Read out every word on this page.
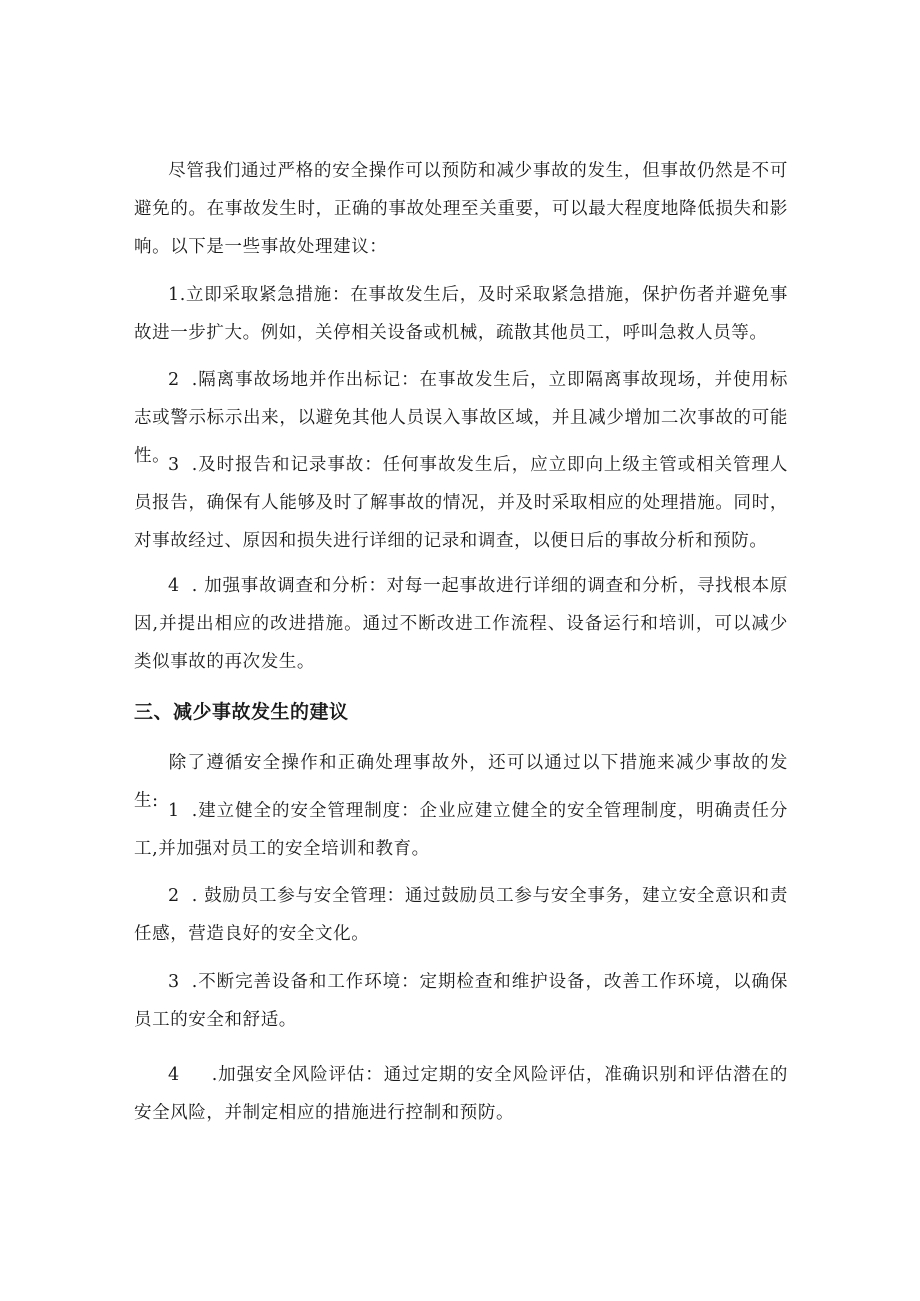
尽管我们通过严格的安全操作可以预防和减少事故的发生，但事故仍然是不可避免的。在事故发生时，正确的事故处理至关重要，可以最大程度地降低损失和影响。以下是一些事故处理建议：

1.立即采取紧急措施：在事故发生后，及时采取紧急措施，保护伤者并避免事故进一步扩大。例如，关停相关设备或机械，疏散其他员工，呼叫急救人员等。

2 .隔离事故场地并作出标记：在事故发生后，立即隔离事故现场，并使用标志或警示标示出来，以避免其他人员误入事故区域，并且减少增加二次事故的可能性。

3 .及时报告和记录事故：任何事故发生后，应立即向上级主管或相关管理人员报告，确保有人能够及时了解事故的情况，并及时采取相应的处理措施。同时，对事故经过、原因和损失进行详细的记录和调查，以便日后的事故分析和预防。

4 . 加强事故调查和分析：对每一起事故进行详细的调查和分析，寻找根本原因,并提出相应的改进措施。通过不断改进工作流程、设备运行和培训，可以减少类似事故的再次发生。

三、减少事故发生的建议

除了遵循安全操作和正确处理事故外，还可以通过以下措施来减少事故的发生: 1 .建立健全的安全管理制度：企业应建立健全的安全管理制度，明确责任分工,并加强对员工的安全培训和教育。

2 . 鼓励员工参与安全管理：通过鼓励员工参与安全事务，建立安全意识和责任感，营造良好的安全文化。

3 .不断完善设备和工作环境：定期检查和维护设备，改善工作环境，以确保员工的安全和舒适。

4 .加强安全风险评估：通过定期的安全风险评估，准确识别和评估潜在的安全风险，并制定相应的措施进行控制和预防。
